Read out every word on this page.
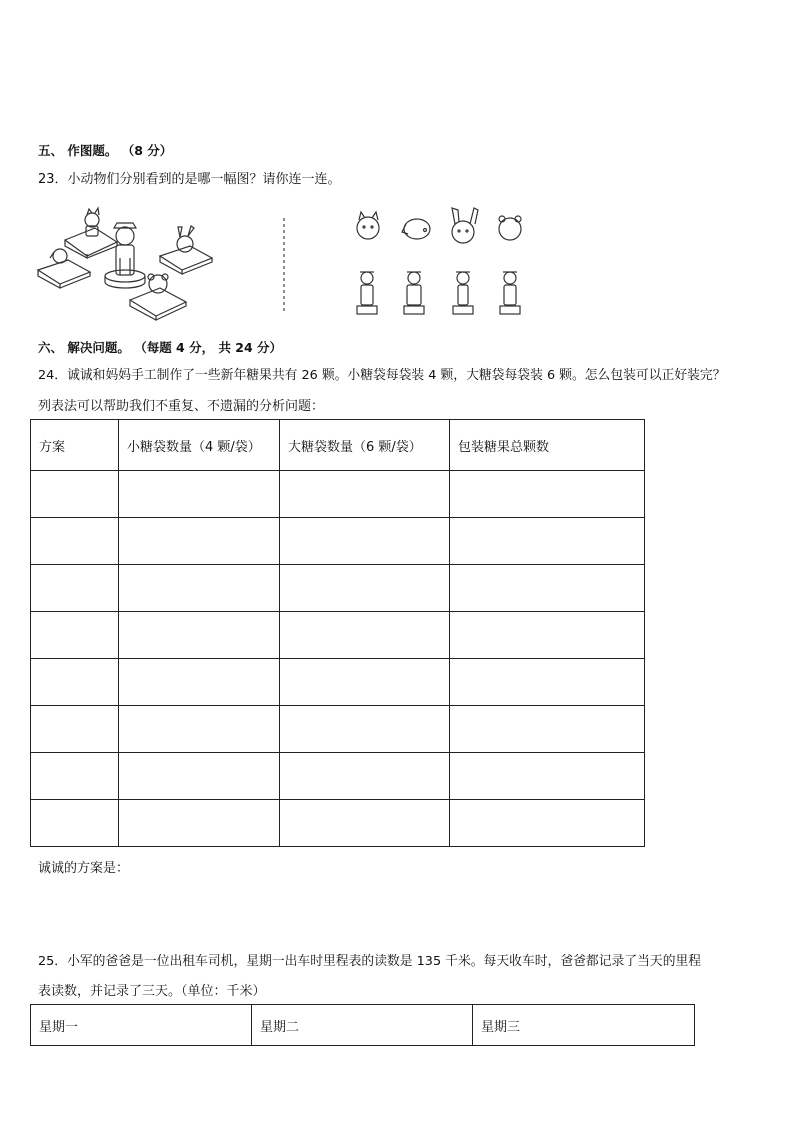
五、 作图题。 （8 分）
23．小动物们分别看到的是哪一幅图？请你连一连。
六、 解决问题。 （每题 4 分， 共 24 分）
24．诚诚和妈妈手工制作了一些新年糖果共有 26 颗。小糖袋每袋装 4 颗，大糖袋每袋装 6 颗。怎么包装可以正好装完？
列表法可以帮助我们不重复、不遗漏的分析问题：
方案	小糖袋数量（4 颗/袋）	大糖袋数量（6 颗/袋）	包装糖果总颗数

诚诚的方案是：
25．小军的爸爸是一位出租车司机，星期一出车时里程表的读数是 135 千米。每天收车时，爸爸都记录了当天的里程
表读数，并记录了三天。（单位：千米）
星期一	星期二	星期三
